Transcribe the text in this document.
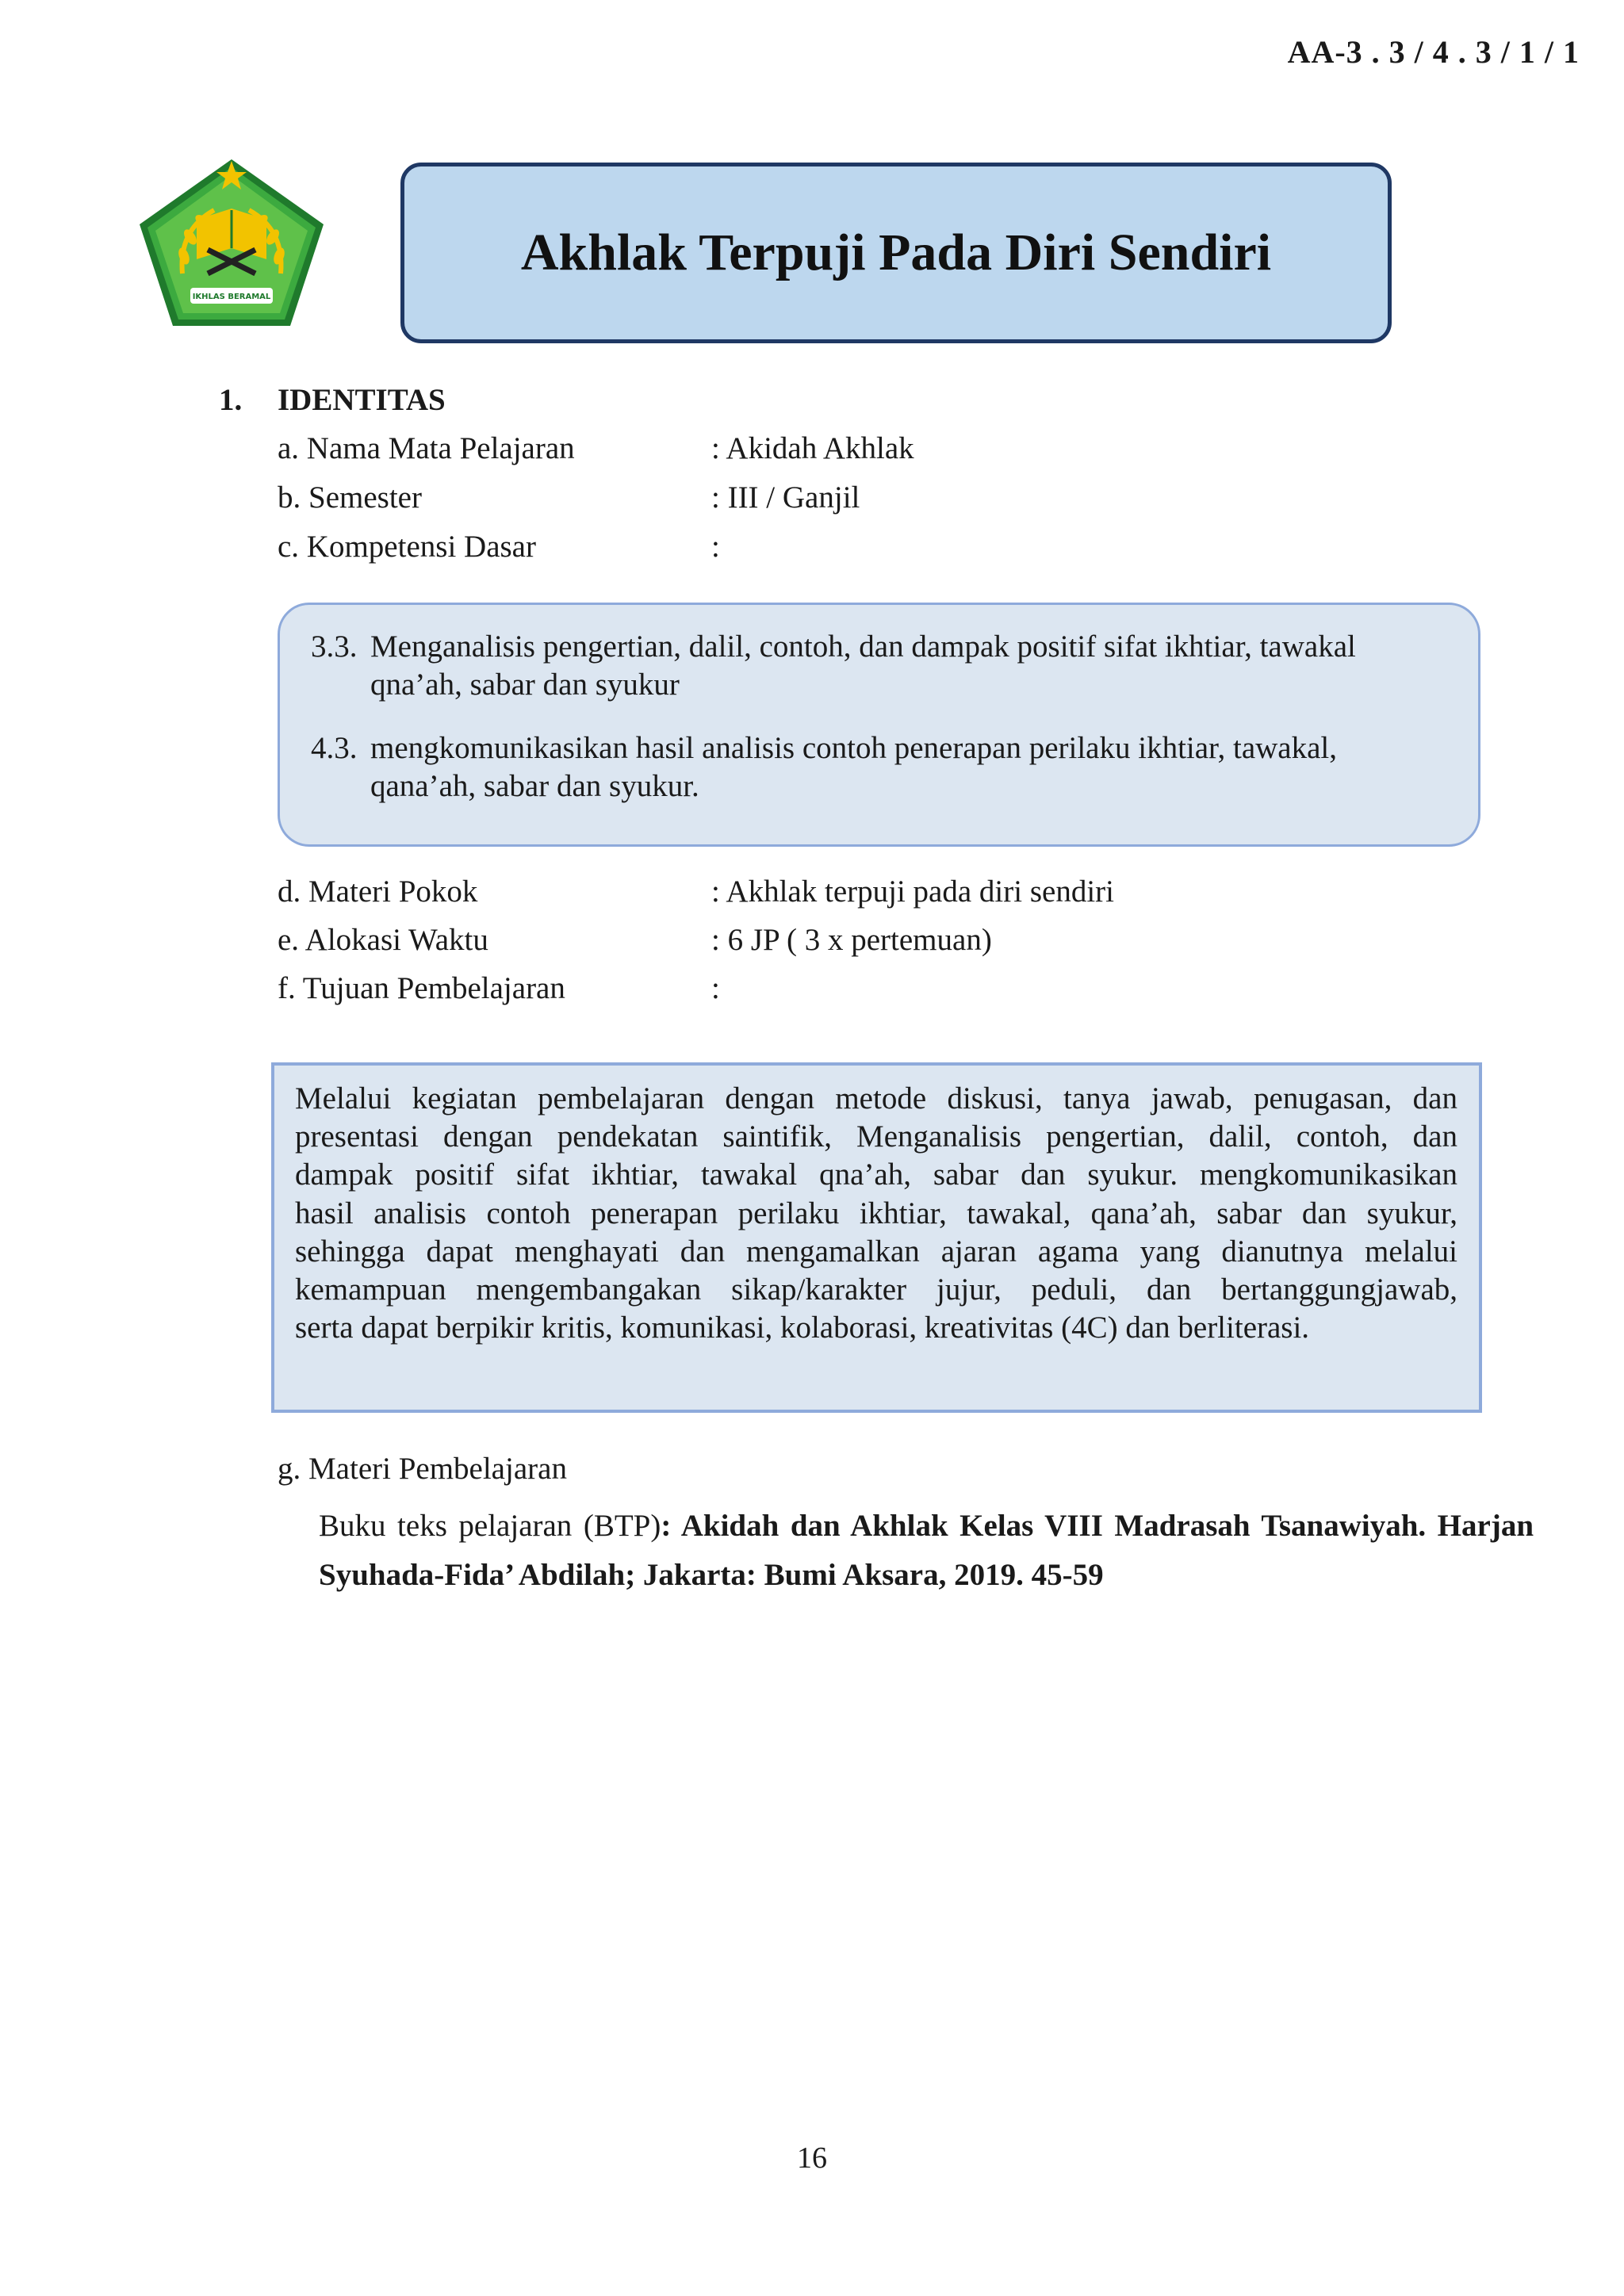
AA-3 . 3 / 4 . 3 / 1 / 1
IKHLAS BERAMAL
Akhlak Terpuji Pada Diri Sendiri
1. IDENTITAS
a. Nama Mata Pelajaran	: Akidah Akhlak
b. Semester	: III / Ganjil
c. Kompetensi Dasar	:
3.3. Menganalisis pengertian, dalil, contoh, dan dampak positif sifat ikhtiar, tawakal
qna’ah, sabar dan syukur
4.3. mengkomunikasikan hasil analisis contoh penerapan perilaku ikhtiar, tawakal,
qana’ah, sabar dan syukur.
d. Materi Pokok	: Akhlak terpuji pada diri sendiri
e. Alokasi Waktu	: 6 JP ( 3 x pertemuan)
f. Tujuan Pembelajaran	:
Melalui kegiatan pembelajaran dengan metode diskusi, tanya jawab, penugasan, dan
presentasi dengan pendekatan saintifik, Menganalisis pengertian, dalil, contoh, dan
dampak positif sifat ikhtiar, tawakal qna’ah, sabar dan syukur. mengkomunikasikan
hasil analisis contoh penerapan perilaku ikhtiar, tawakal, qana’ah, sabar dan syukur,
sehingga dapat menghayati dan mengamalkan ajaran agama yang dianutnya melalui
kemampuan mengembangakan sikap/karakter jujur, peduli, dan bertanggungjawab,
serta dapat berpikir kritis, komunikasi, kolaborasi, kreativitas (4C) dan berliterasi.
g. Materi Pembelajaran
Buku teks pelajaran (BTP): Akidah dan Akhlak Kelas VIII Madrasah Tsanawiyah. Harjan Syuhada-Fida’ Abdilah; Jakarta: Bumi Aksara, 2019. 45-59
16
